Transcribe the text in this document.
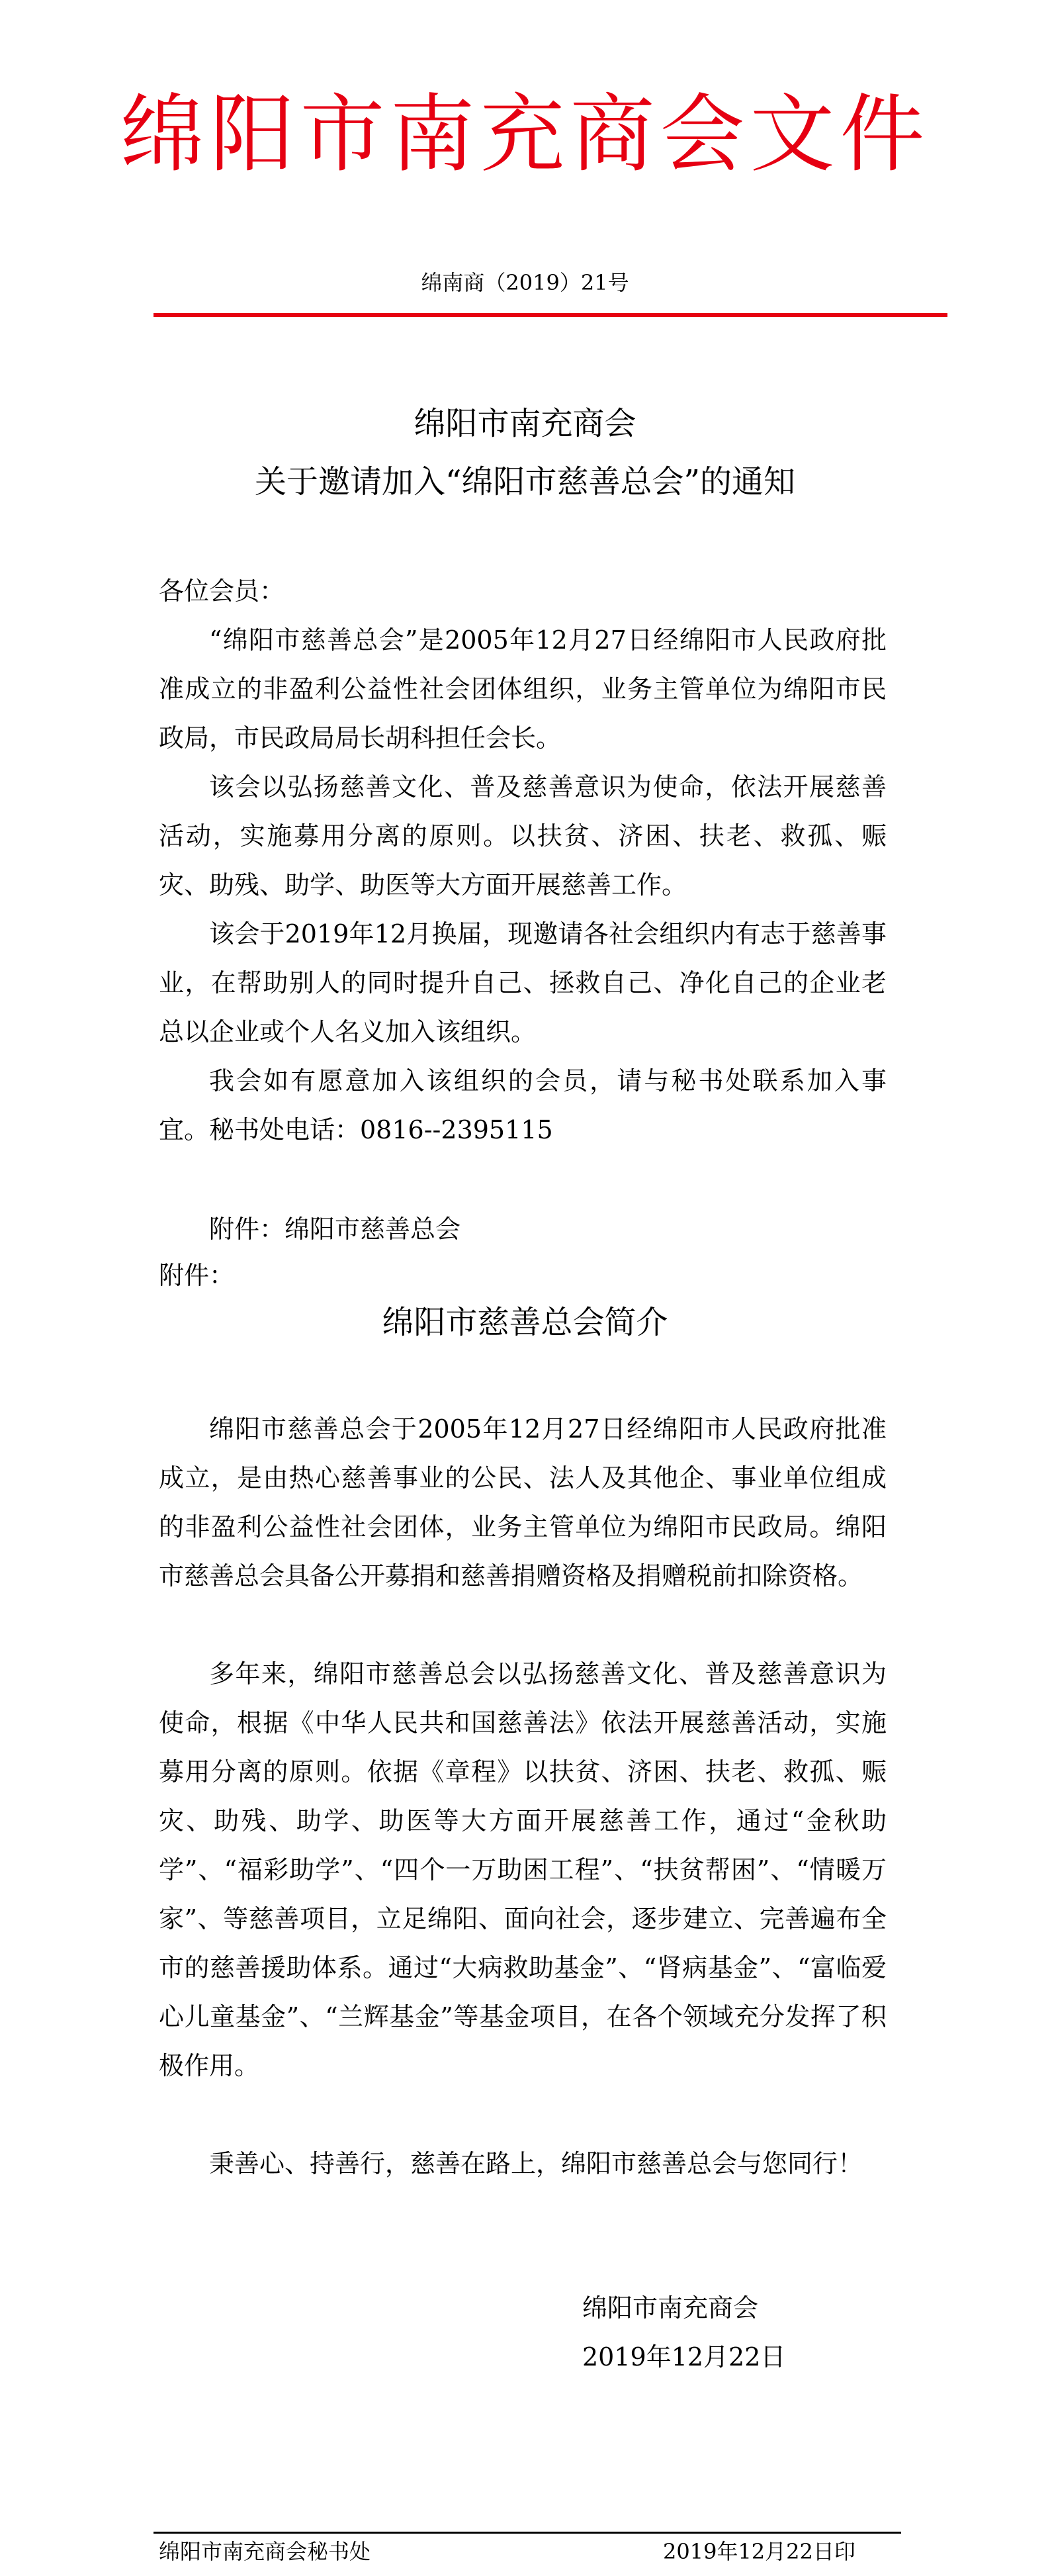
绵阳市南充商会文件
绵南商（2019）21号
绵阳市南充商会
关于邀请加入“绵阳市慈善总会”的通知
各位会员：
“绵阳市慈善总会”是2005年12月27日经绵阳市人民政府批准成立的非盈利公益性社会团体组织，业务主管单位为绵阳市民政局，市民政局局长胡科担任会长。
该会以弘扬慈善文化、普及慈善意识为使命，依法开展慈善活动，实施募用分离的原则。以扶贫、济困、扶老、救孤、赈灾、助残、助学、助医等大方面开展慈善工作。
该会于2019年12月换届，现邀请各社会组织内有志于慈善事业，在帮助别人的同时提升自己、拯救自己、净化自己的企业老总以企业或个人名义加入该组织。
我会如有愿意加入该组织的会员，请与秘书处联系加入事宜。秘书处电话：0816--2395115
附件：绵阳市慈善总会
附件：
绵阳市慈善总会简介
绵阳市慈善总会于2005年12月27日经绵阳市人民政府批准成立，是由热心慈善事业的公民、法人及其他企、事业单位组成的非盈利公益性社会团体，业务主管单位为绵阳市民政局。绵阳市慈善总会具备公开募捐和慈善捐赠资格及捐赠税前扣除资格。
多年来，绵阳市慈善总会以弘扬慈善文化、普及慈善意识为使命，根据《中华人民共和国慈善法》依法开展慈善活动，实施募用分离的原则。依据《章程》以扶贫、济困、扶老、救孤、赈灾、助残、助学、助医等大方面开展慈善工作，通过“金秋助学”、“福彩助学”、“四个一万助困工程”、“扶贫帮困”、“情暖万家”、等慈善项目，立足绵阳、面向社会，逐步建立、完善遍布全市的慈善援助体系。通过“大病救助基金”、“肾病基金”、“富临爱心儿童基金”、“兰辉基金”等基金项目，在各个领域充分发挥了积极作用。
秉善心、持善行，慈善在路上，绵阳市慈善总会与您同行！
绵阳市南充商会
2019年12月22日
绵阳市南充商会秘书处	2019年12月22日印
